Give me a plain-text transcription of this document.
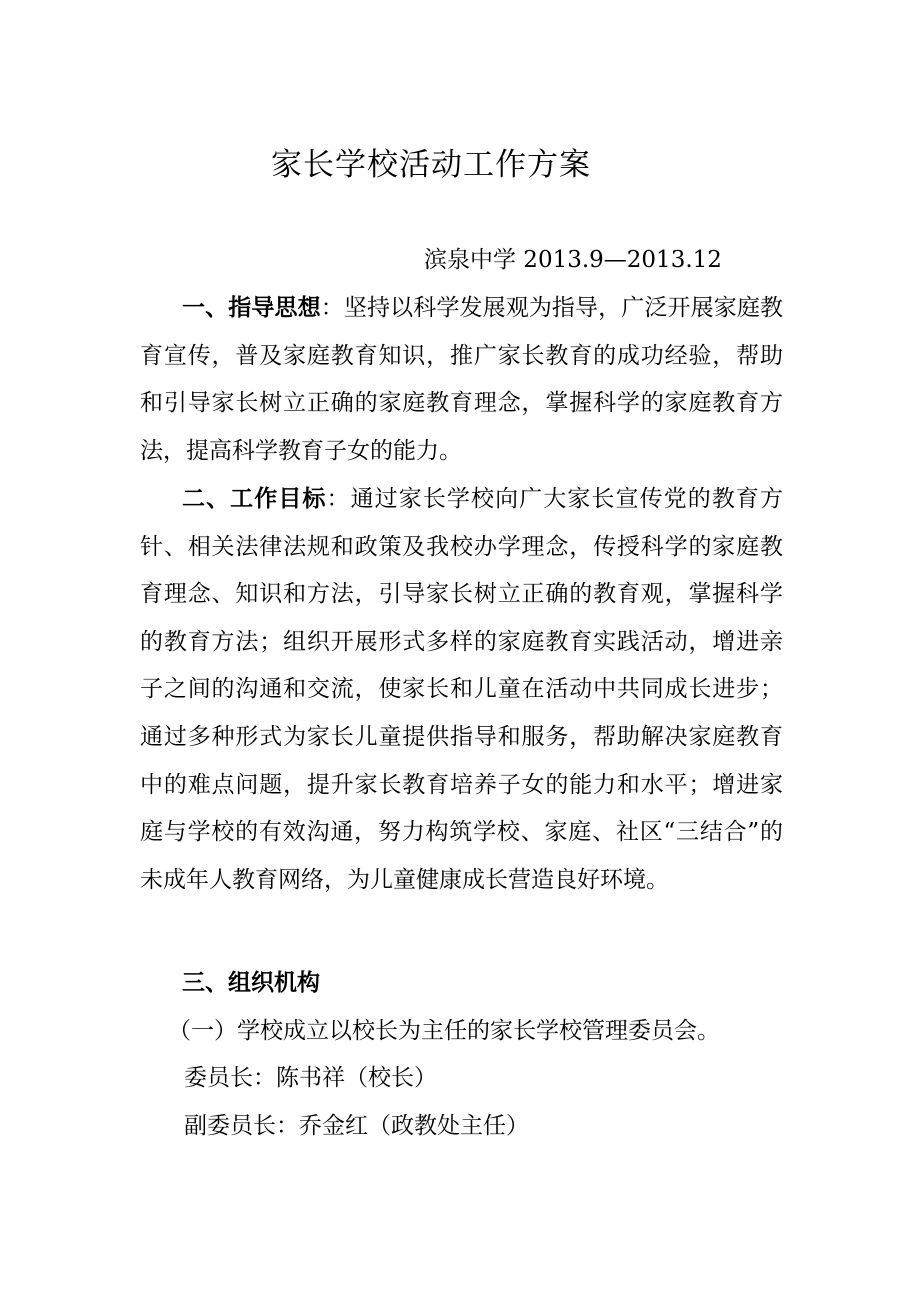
家长学校活动工作方案
滨泉中学 2013.9—2013.12

一、指导思想：坚持以科学发展观为指导，广泛开展家庭教育宣传，普及家庭教育知识，推广家长教育的成功经验，帮助和引导家长树立正确的家庭教育理念，掌握科学的家庭教育方法，提高科学教育子女的能力。

二、工作目标：通过家长学校向广大家长宣传党的教育方针、相关法律法规和政策及我校办学理念，传授科学的家庭教育理念、知识和方法，引导家长树立正确的教育观，掌握科学的教育方法；组织开展形式多样的家庭教育实践活动，增进亲子之间的沟通和交流，使家长和儿童在活动中共同成长进步；通过多种形式为家长儿童提供指导和服务，帮助解决家庭教育中的难点问题，提升家长教育培养子女的能力和水平；增进家庭与学校的有效沟通，努力构筑学校、家庭、社区“三结合”的未成年人教育网络，为儿童健康成长营造良好环境。

三、组织机构

（一）学校成立以校长为主任的家长学校管理委员会。

委员长：陈书祥（校长）

副委员长：乔金红（政教处主任）
